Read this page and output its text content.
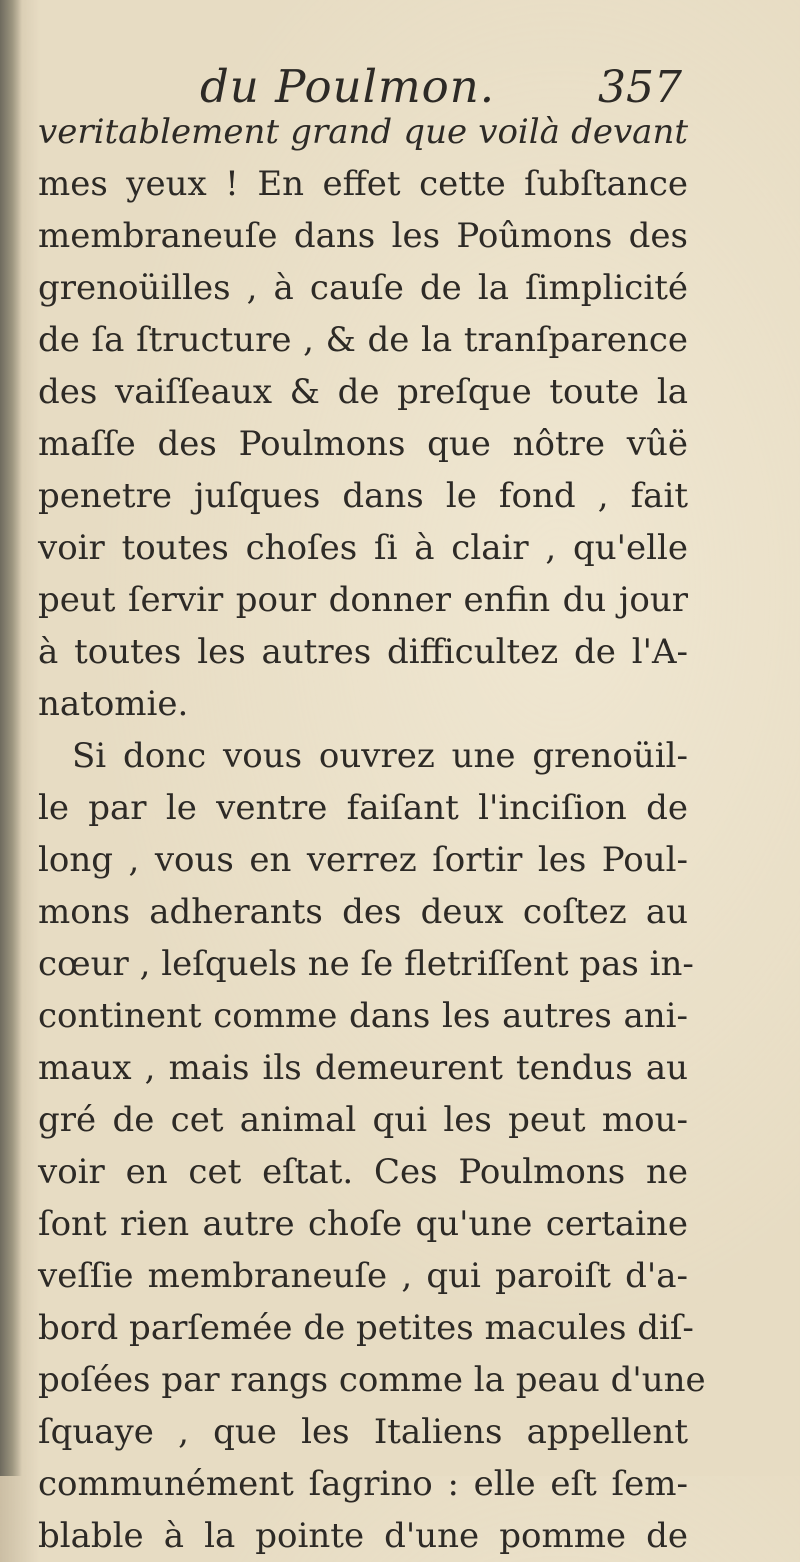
du Poulmon. 357
veritablement grand que voilà devant
mes yeux ! En effet cette ſubſtance
membraneuſe dans les Poûmons des
grenoüilles , à cauſe de la ſimplicité
de ſa ſtructure , & de la tranſparence
des vaiſſeaux & de preſque toute la
maſſe des Poulmons que nôtre vûë
penetre juſques dans le fond , fait
voir toutes choſes ſi à clair , qu'elle
peut ſervir pour donner enfin du jour
à toutes les autres difficultez de l'A-
natomie.
Si donc vous ouvrez une grenoüil-
le par le ventre faiſant l'inciſion de
long , vous en verrez ſortir les Poul-
mons adherants des deux coſtez au
cœur , leſquels ne ſe fletriſſent pas in-
continent comme dans les autres ani-
maux , mais ils demeurent tendus au
gré de cet animal qui les peut mou-
voir en cet eſtat. Ces Poulmons ne
ſont rien autre choſe qu'une certaine
veſſie membraneuſe , qui paroiſt d'a-
bord parſemée de petites macules diſ-
poſées par rangs comme la peau d'une
ſquaye , que les Italiens appellent
communément ſagrino : elle eſt ſem-
blable à la pointe d'une pomme de
